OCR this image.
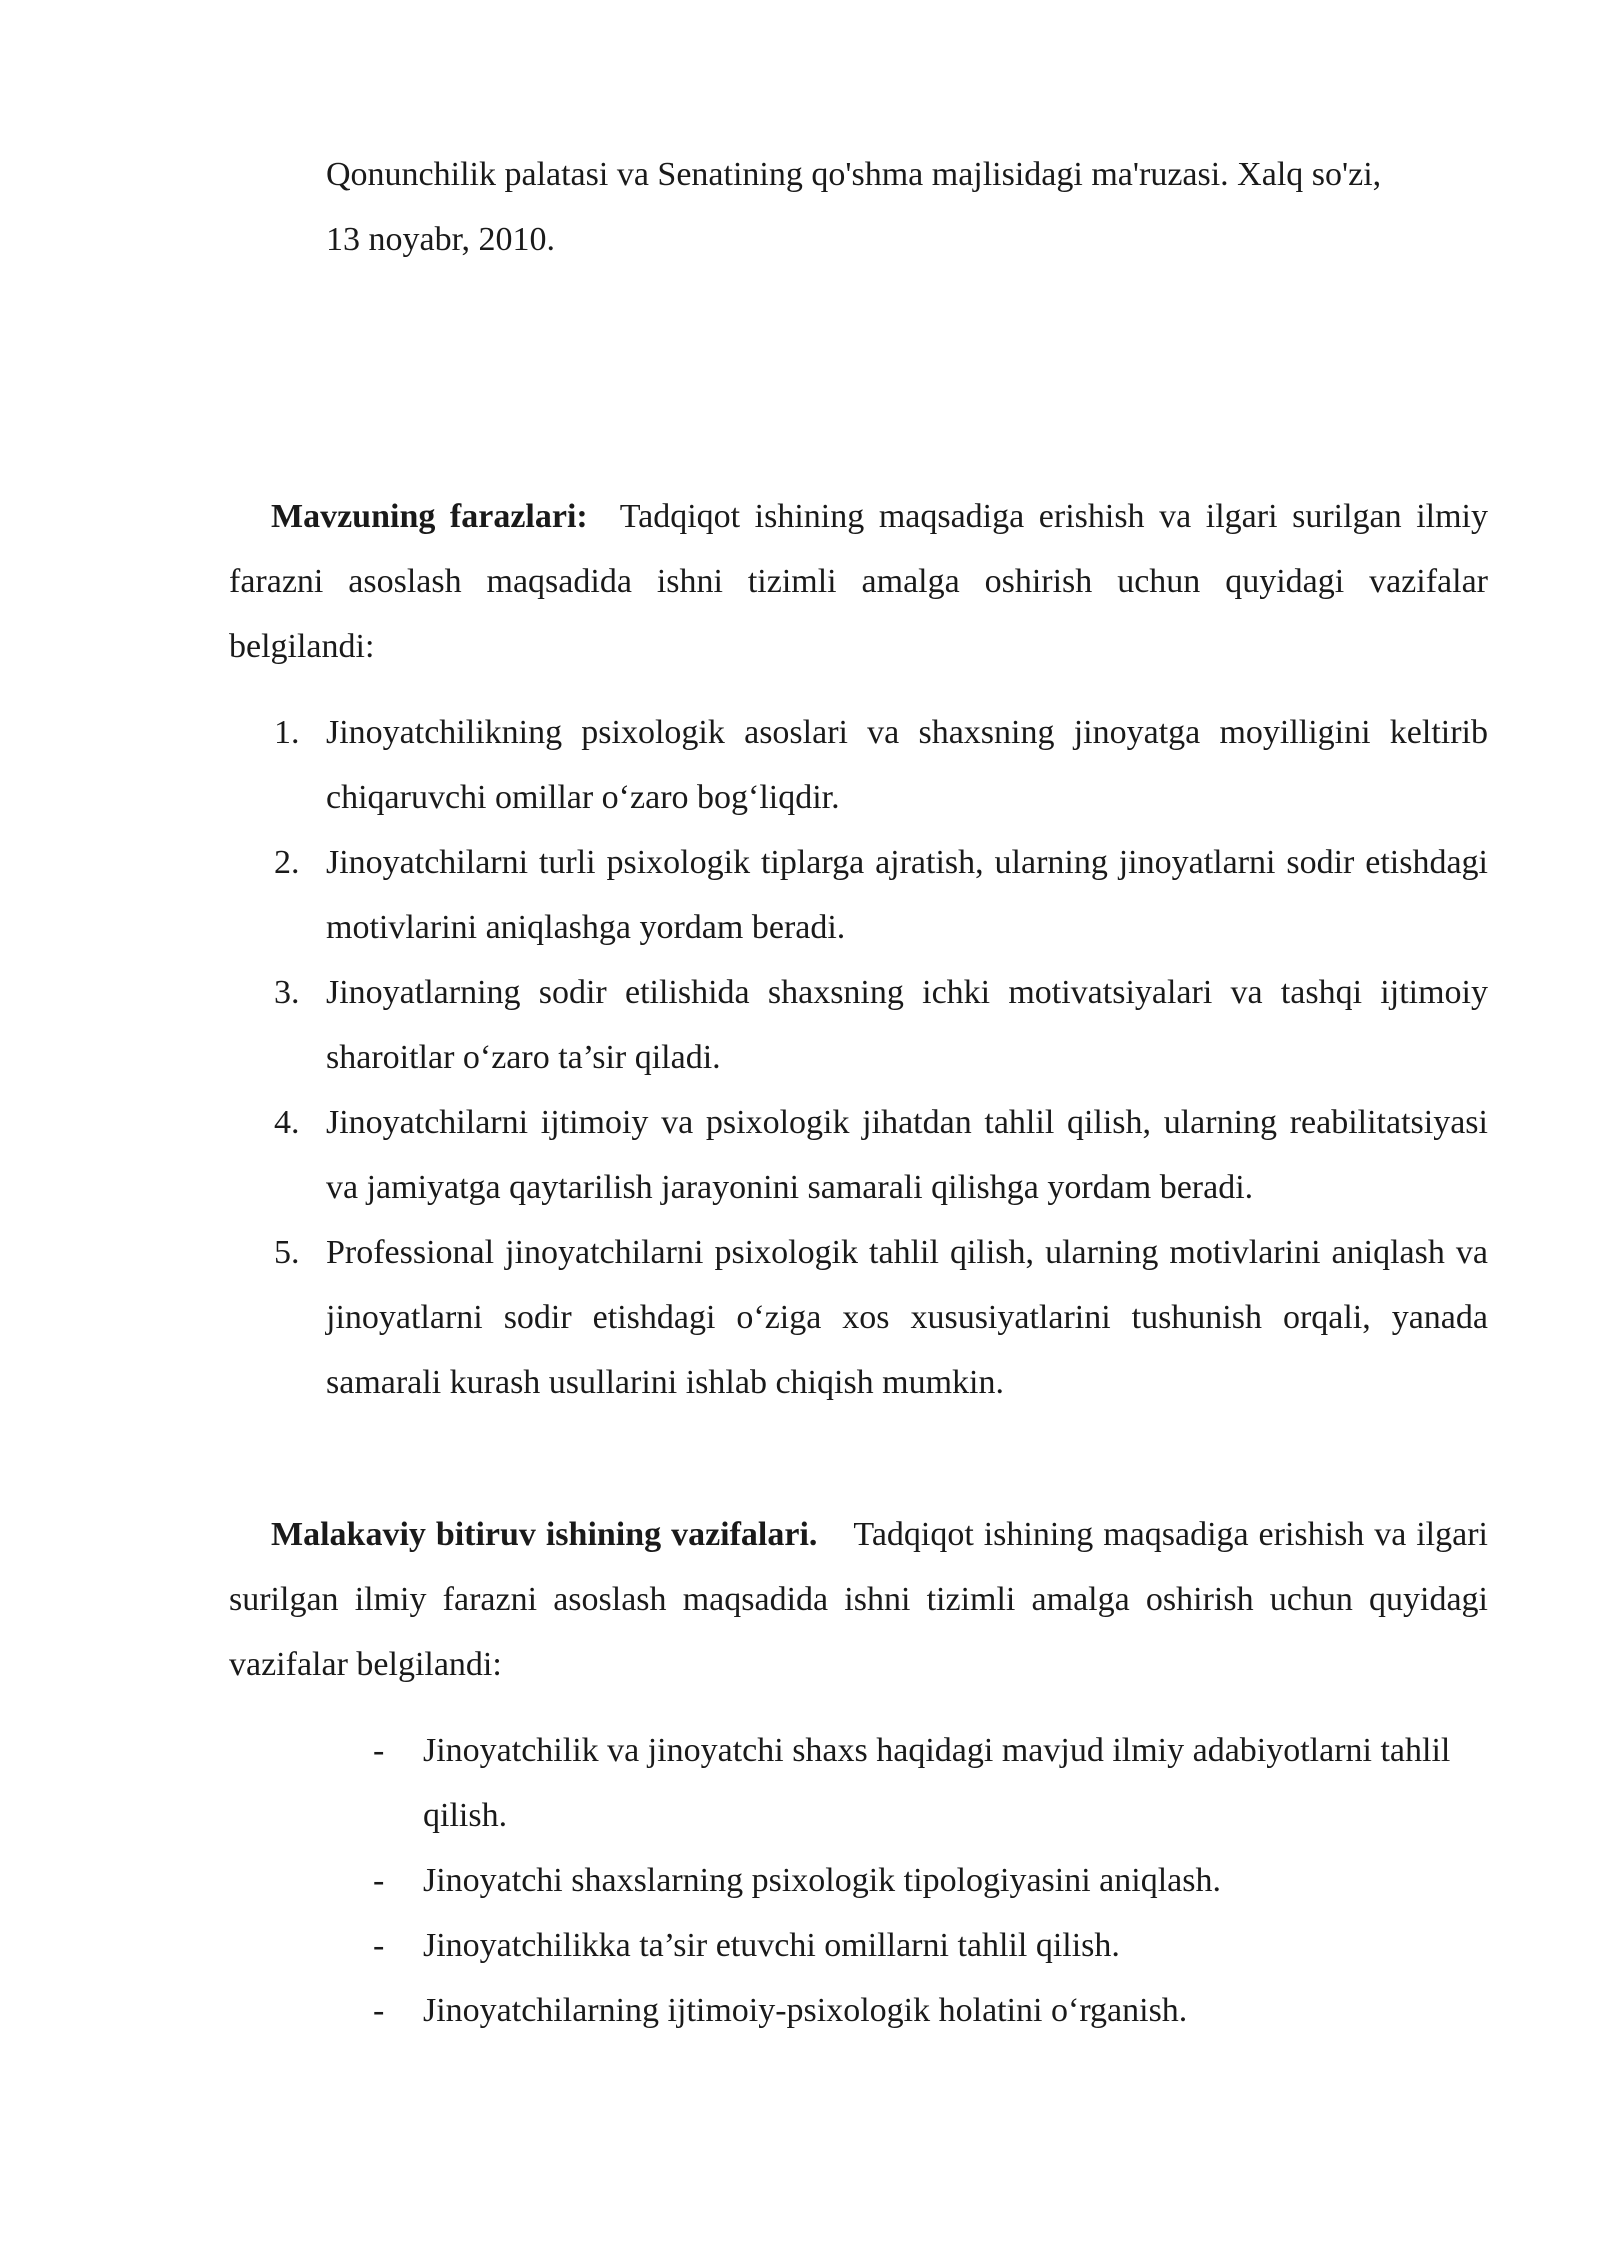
Qonunchilik palatasi va Senatining qo'shma majlisidagi ma'ruzasi. Xalq so'zi,
13 noyabr, 2010.

Mavzuning farazlari: Tadqiqot ishining maqsadiga erishish va ilgari surilgan ilmiy farazni asoslash maqsadida ishni tizimli amalga oshirish uchun quyidagi vazifalar belgilandi:

1. Jinoyatchilikning psixologik asoslari va shaxsning jinoyatga moyilligini keltirib chiqaruvchi omillar o‘zaro bog‘liqdir.
2. Jinoyatchilarni turli psixologik tiplarga ajratish, ularning jinoyatlarni sodir etishdagi motivlarini aniqlashga yordam beradi.
3. Jinoyatlarning sodir etilishida shaxsning ichki motivatsiyalari va tashqi ijtimoiy sharoitlar o‘zaro ta’sir qiladi.
4. Jinoyatchilarni ijtimoiy va psixologik jihatdan tahlil qilish, ularning reabilitatsiyasi va jamiyatga qaytarilish jarayonini samarali qilishga yordam beradi.
5. Professional jinoyatchilarni psixologik tahlil qilish, ularning motivlarini aniqlash va jinoyatlarni sodir etishdagi o‘ziga xos xususiyatlarini tushunish orqali, yanada samarali kurash usullarini ishlab chiqish mumkin.

Malakaviy bitiruv ishining vazifalari. Tadqiqot ishining maqsadiga erishish va ilgari surilgan ilmiy farazni asoslash maqsadida ishni tizimli amalga oshirish uchun quyidagi vazifalar belgilandi:

- Jinoyatchilik va jinoyatchi shaxs haqidagi mavjud ilmiy adabiyotlarni tahlil qilish.
- Jinoyatchi shaxslarning psixologik tipologiyasini aniqlash.
- Jinoyatchilikka ta’sir etuvchi omillarni tahlil qilish.
- Jinoyatchilarning ijtimoiy-psixologik holatini o‘rganish.
